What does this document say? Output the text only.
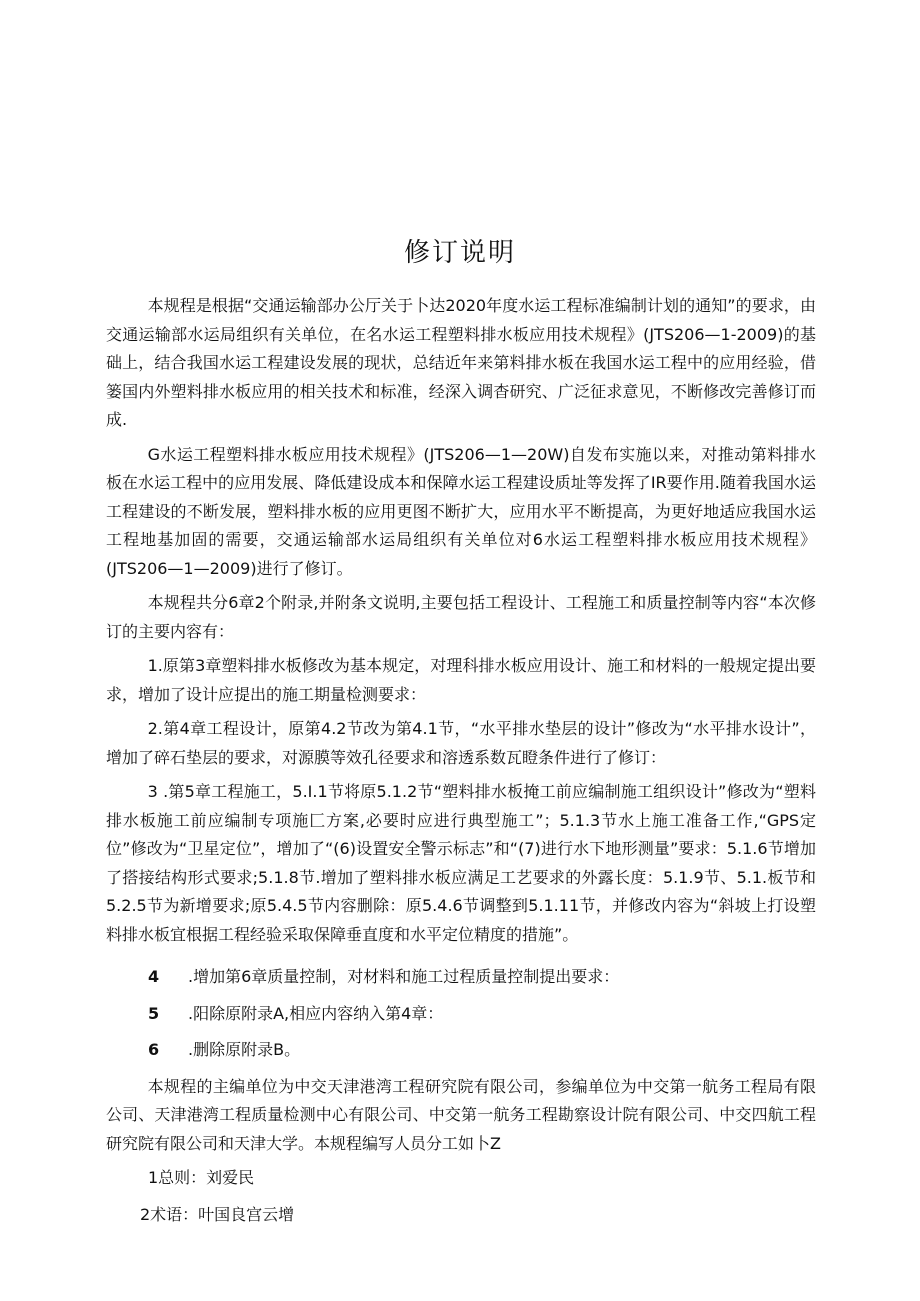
修订说明

本规程是根据“交通运输部办公厅关于卜达2020年度水运工程标准编制计划的通知”的要求，由交通运输部水运局组织有关单位，在名水运工程塑料排水板应用技术规程》(JTS206—1-2009)的基础上，结合我国水运工程建设发展的现状，总结近年来第料排水板在我国水运工程中的应用经验，借篓国内外塑料排水板应用的相关技术和标准，经深入调杳研究、广泛征求意见，不断修改完善修订而成.

G水运工程塑料排水板应用技术规程》(JTS206—1—20W)自发布实施以来，对推动第料排水板在水运工程中的应用发展、降低建设成本和保障水运工程建设质址等发挥了IR要作用.随着我国水运工程建设的不断发展，塑料排水板的应用更图不断扩大，应用水平不断提高，为更好地适应我国水运工程地基加固的需要，交通运输部水运局组织有关单位对6水运工程塑料排水板应用技术规程》(JTS206—1—2009)进行了修订。

本规程共分6章2个附录,并附条文说明,主要包括工程设计、工程施工和质量控制等内容“本次修订的主要内容有：

1.原第3章塑料排水板修改为基本规定，对理科排水板应用设计、施工和材料的一般规定提出要求，增加了设计应提出的施工期量检测要求：

2.第4章工程设计，原第4.2节改为第4.1节，“水平排水垫层的设计”修改为“水平排水设计”，增加了碎石垫层的要求，对源膜等效孔径要求和溶透系数瓦瞪条件进行了修订：

3 .第5章工程施工，5.I.1节将原5.1.2节“塑料排水板掩工前应编制施工组织设计”修改为“塑料排水板施工前应编制专项施匚方案,必要时应进行典型施工”；5.1.3节水上施工准备工作,“GPS定位”修改为“卫星定位”，增加了“(6)设置安全警示标志”和“(7)进行水下地形测量”要求：5.1.6节增加了搭接结构形式要求;5.1.8节.增加了塑料排水板应满足工艺要求的外露长度：5.1.9节、5.1.板节和5.2.5节为新增要求;原5.4.5节内容删除：原5.4.6节调整到5.1.11节，并修改内容为“斜坡上打设塑料排水板宜根据工程经验采取保障垂直度和水平定位精度的措施”。

4 .增加第6章质量控制，对材料和施工过程质量控制提出要求：
5 .阳除原附录A,相应内容纳入第4章：
6 .删除原附录B。

本规程的主编单位为中交天津港湾工程研究院有限公司，参编单位为中交第一航务工程局有限公司、天津港湾工程质量检测中心有限公司、中交第一航务工程勘察设计院有限公司、中交四航工程研究院有限公司和天津大学。本规程编写人员分工如卜Z

1总则：刘爱民
2术语：叶国良宫云增
